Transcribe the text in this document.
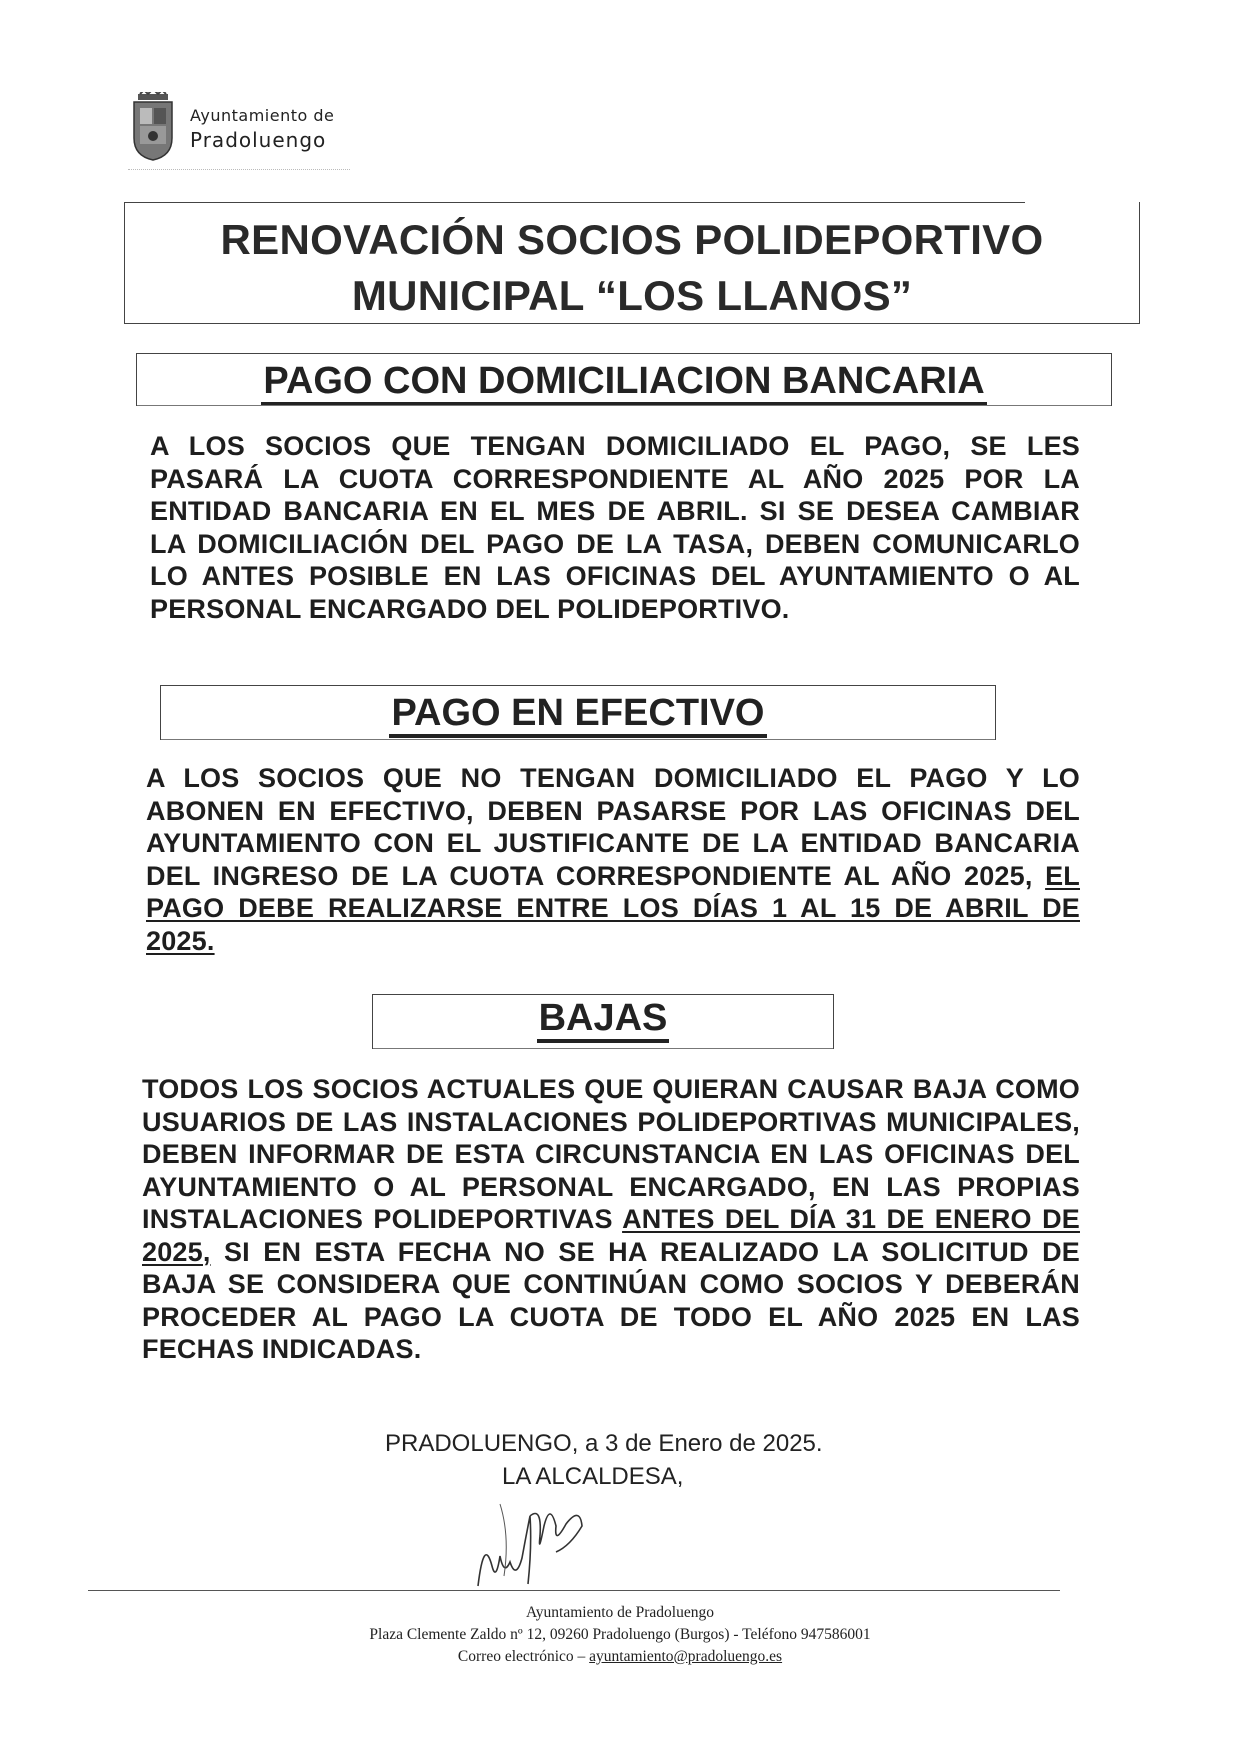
Ayuntamiento de
Pradoluengo
RENOVACIÓN SOCIOS POLIDEPORTIVO
MUNICIPAL “LOS LLANOS”
PAGO CON DOMICILIACION BANCARIA
A LOS SOCIOS QUE TENGAN DOMICILIADO EL PAGO, SE LES PASARÁ LA CUOTA CORRESPONDIENTE AL AÑO 2025 POR LA ENTIDAD BANCARIA EN EL MES DE ABRIL. SI SE DESEA CAMBIAR LA DOMICILIACIÓN DEL PAGO DE LA TASA, DEBEN COMUNICARLO LO ANTES POSIBLE EN LAS OFICINAS DEL AYUNTAMIENTO O AL PERSONAL ENCARGADO DEL POLIDEPORTIVO.
PAGO EN EFECTIVO
A LOS SOCIOS QUE NO TENGAN DOMICILIADO EL PAGO Y LO ABONEN EN EFECTIVO, DEBEN PASARSE POR LAS OFICINAS DEL AYUNTAMIENTO CON EL JUSTIFICANTE DE LA ENTIDAD BANCARIA DEL INGRESO DE LA CUOTA CORRESPONDIENTE AL AÑO 2025, EL PAGO DEBE REALIZARSE ENTRE LOS DÍAS 1 AL 15 DE ABRIL DE 2025.
BAJAS
TODOS LOS SOCIOS ACTUALES QUE QUIERAN CAUSAR BAJA COMO USUARIOS DE LAS INSTALACIONES POLIDEPORTIVAS MUNICIPALES, DEBEN INFORMAR DE ESTA CIRCUNSTANCIA EN LAS OFICINAS DEL AYUNTAMIENTO O AL PERSONAL ENCARGADO, EN LAS PROPIAS INSTALACIONES POLIDEPORTIVAS ANTES DEL DÍA 31 DE ENERO DE 2025, SI EN ESTA FECHA NO SE HA REALIZADO LA SOLICITUD DE BAJA SE CONSIDERA QUE CONTINÚAN COMO SOCIOS Y DEBERÁN PROCEDER AL PAGO LA CUOTA DE TODO EL AÑO 2025 EN LAS FECHAS INDICADAS.
PRADOLUENGO, a 3 de Enero de 2025.
LA ALCALDESA,
Ayuntamiento de Pradoluengo
Plaza Clemente Zaldo nº 12, 09260 Pradoluengo (Burgos) - Teléfono 947586001
Correo electrónico – ayuntamiento@pradoluengo.es
